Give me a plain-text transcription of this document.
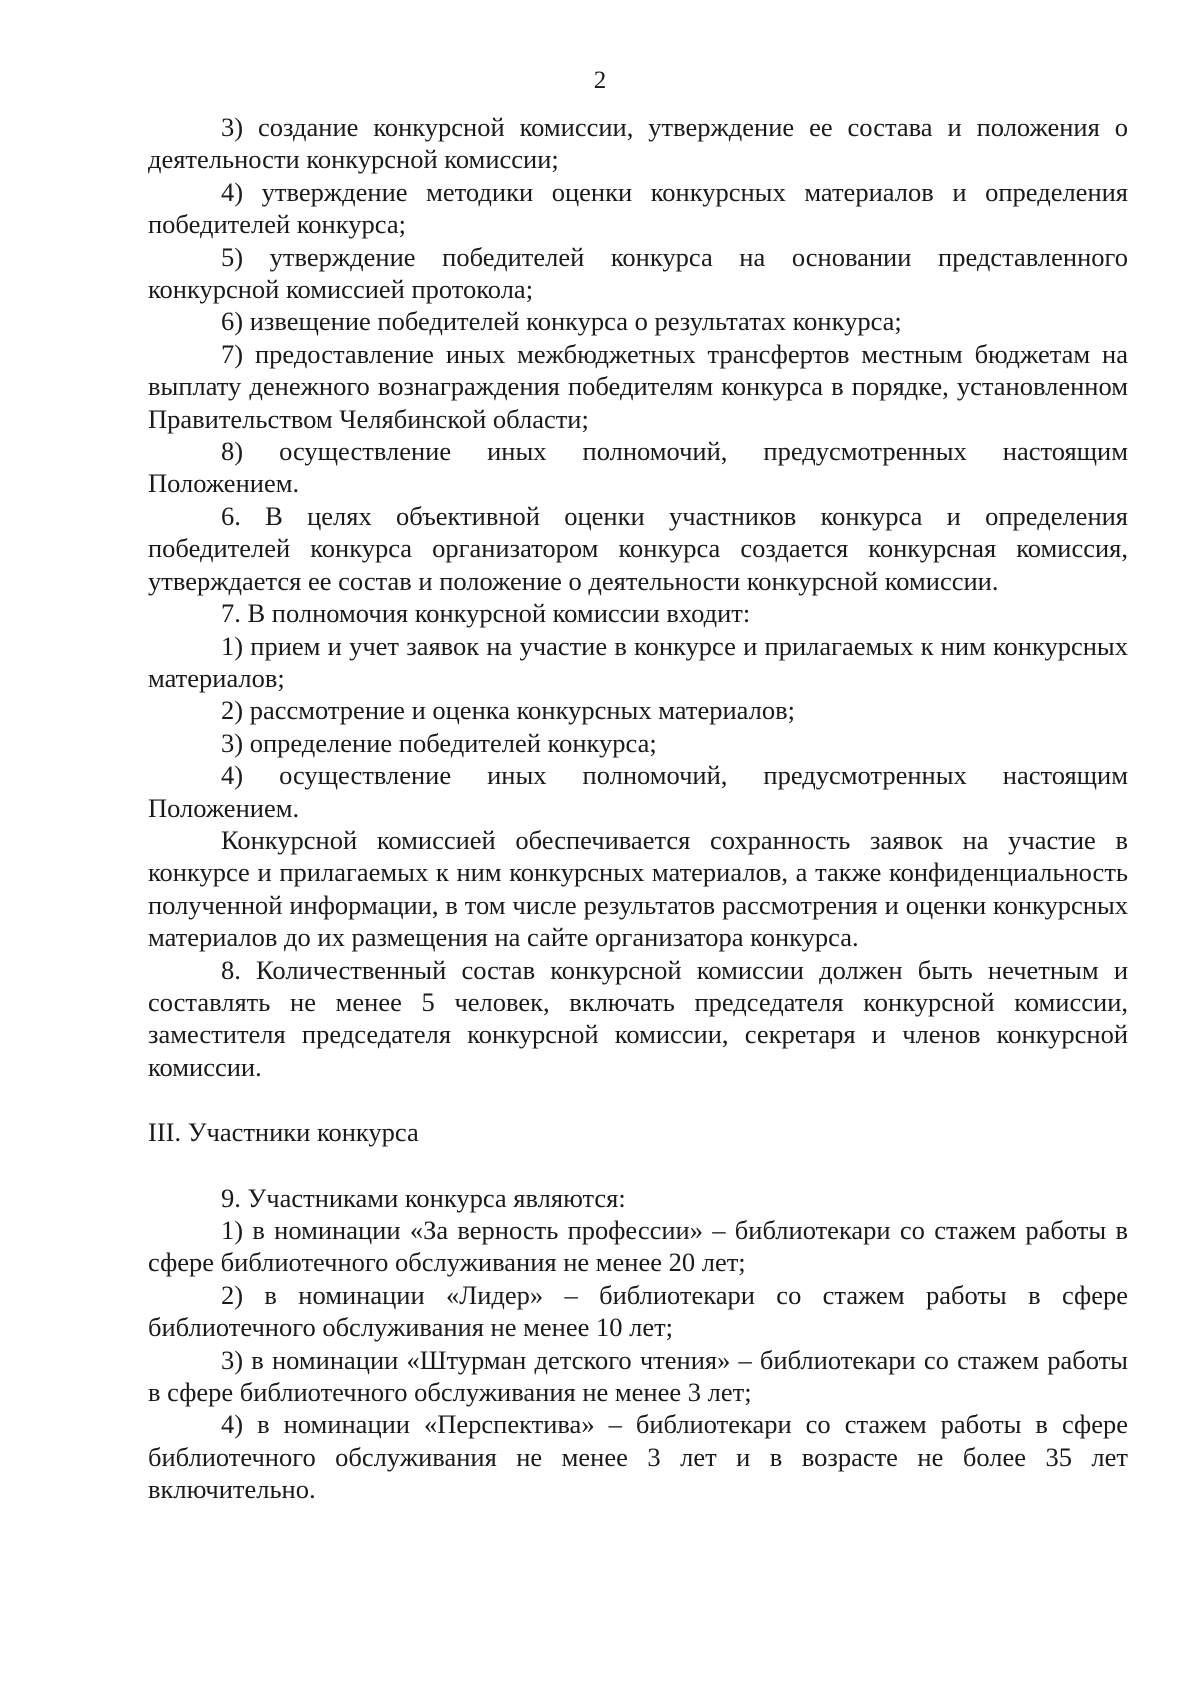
2

3) создание конкурсной комиссии, утверждение ее состава и положения о деятельности конкурсной комиссии;

4) утверждение методики оценки конкурсных материалов и определения победителей конкурса;

5) утверждение победителей конкурса на основании представленного конкурсной комиссией протокола;

6) извещение победителей конкурса о результатах конкурса;

7) предоставление иных межбюджетных трансфертов местным бюджетам на выплату денежного вознаграждения победителям конкурса в порядке, установленном Правительством Челябинской области;

8) осуществление иных полномочий, предусмотренных настоящим Положением.

6. В целях объективной оценки участников конкурса и определения победителей конкурса организатором конкурса создается конкурсная комиссия, утверждается ее состав и положение о деятельности конкурсной комиссии.

7. В полномочия конкурсной комиссии входит:

1) прием и учет заявок на участие в конкурсе и прилагаемых к ним конкурсных материалов;

2) рассмотрение и оценка конкурсных материалов;

3) определение победителей конкурса;

4) осуществление иных полномочий, предусмотренных настоящим Положением.

Конкурсной комиссией обеспечивается сохранность заявок на участие в конкурсе и прилагаемых к ним конкурсных материалов, а также конфиденциальность полученной информации, в том числе результатов рассмотрения и оценки конкурсных материалов до их размещения на сайте организатора конкурса.

8. Количественный состав конкурсной комиссии должен быть нечетным и составлять не менее 5 человек, включать председателя конкурсной комиссии, заместителя председателя конкурсной комиссии, секретаря и членов конкурсной комиссии.

III. Участники конкурса

9. Участниками конкурса являются:

1) в номинации «За верность профессии» – библиотекари со стажем работы в сфере библиотечного обслуживания не менее 20 лет;

2) в номинации «Лидер» – библиотекари со стажем работы в сфере библиотечного обслуживания не менее 10 лет;

3) в номинации «Штурман детского чтения» – библиотекари со стажем работы в сфере библиотечного обслуживания не менее 3 лет;

4) в номинации «Перспектива» – библиотекари со стажем работы в сфере библиотечного обслуживания не менее 3 лет и в возрасте не более 35 лет включительно.
